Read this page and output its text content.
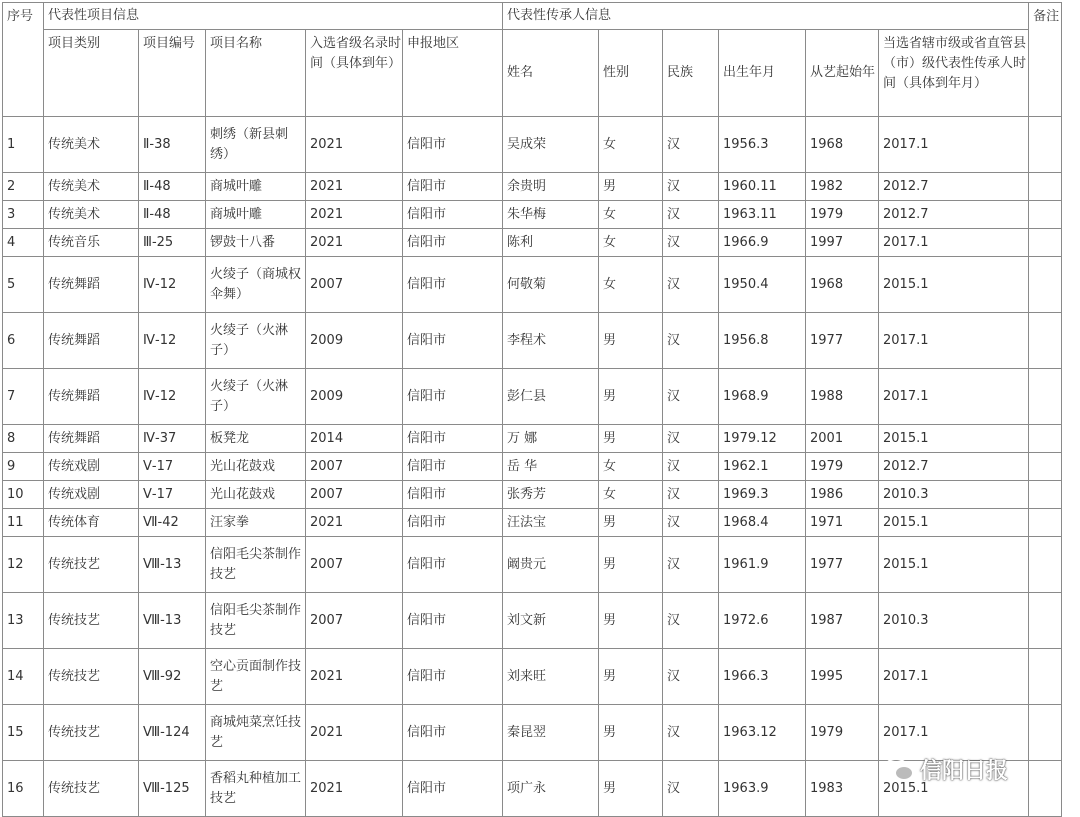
序号	代表性项目信息					代表性传承人信息						备注
	项目类别	项目编号	项目名称	入选省级名录时间（具体到年）	申报地区	姓名	性别	民族	出生年月	从艺起始年	当选省辖市级或省直管县（市）级代表性传承人时间（具体到年月）	
1	传统美术	Ⅱ-38	刺绣（新县刺绣）	2021	信阳市	吴成荣	女	汉	1956.3	1968	2017.1	
2	传统美术	Ⅱ-48	商城叶雕	2021	信阳市	余贵明	男	汉	1960.11	1982	2012.7	
3	传统美术	Ⅱ-48	商城叶雕	2021	信阳市	朱华梅	女	汉	1963.11	1979	2012.7	
4	传统音乐	Ⅲ-25	锣鼓十八番	2021	信阳市	陈利	女	汉	1966.9	1997	2017.1	
5	传统舞蹈	Ⅳ-12	火绫子（商城权伞舞）	2007	信阳市	何敬菊	女	汉	1950.4	1968	2015.1	
6	传统舞蹈	Ⅳ-12	火绫子（火淋子）	2009	信阳市	李程术	男	汉	1956.8	1977	2017.1	
7	传统舞蹈	Ⅳ-12	火绫子（火淋子）	2009	信阳市	彭仁县	男	汉	1968.9	1988	2017.1	
8	传统舞蹈	Ⅳ-37	板凳龙	2014	信阳市	万 娜	男	汉	1979.12	2001	2015.1	
9	传统戏剧	Ⅴ-17	光山花鼓戏	2007	信阳市	岳 华	女	汉	1962.1	1979	2012.7	
10	传统戏剧	Ⅴ-17	光山花鼓戏	2007	信阳市	张秀芳	女	汉	1969.3	1986	2010.3	
11	传统体育	Ⅶ-42	汪家拳	2021	信阳市	汪法宝	男	汉	1968.4	1971	2015.1	
12	传统技艺	Ⅷ-13	信阳毛尖茶制作技艺	2007	信阳市	阚贵元	男	汉	1961.9	1977	2015.1	
13	传统技艺	Ⅷ-13	信阳毛尖茶制作技艺	2007	信阳市	刘文新	男	汉	1972.6	1987	2010.3	
14	传统技艺	Ⅷ-92	空心贡面制作技艺	2021	信阳市	刘来旺	男	汉	1966.3	1995	2017.1	
15	传统技艺	Ⅷ-124	商城炖菜烹饪技艺	2021	信阳市	秦昆翌	男	汉	1963.12	1979	2017.1	
16	传统技艺	Ⅷ-125	香稻丸种植加工技艺	2021	信阳市	项广永	男	汉	1963.9	1983	2015.1	
信阳日报
